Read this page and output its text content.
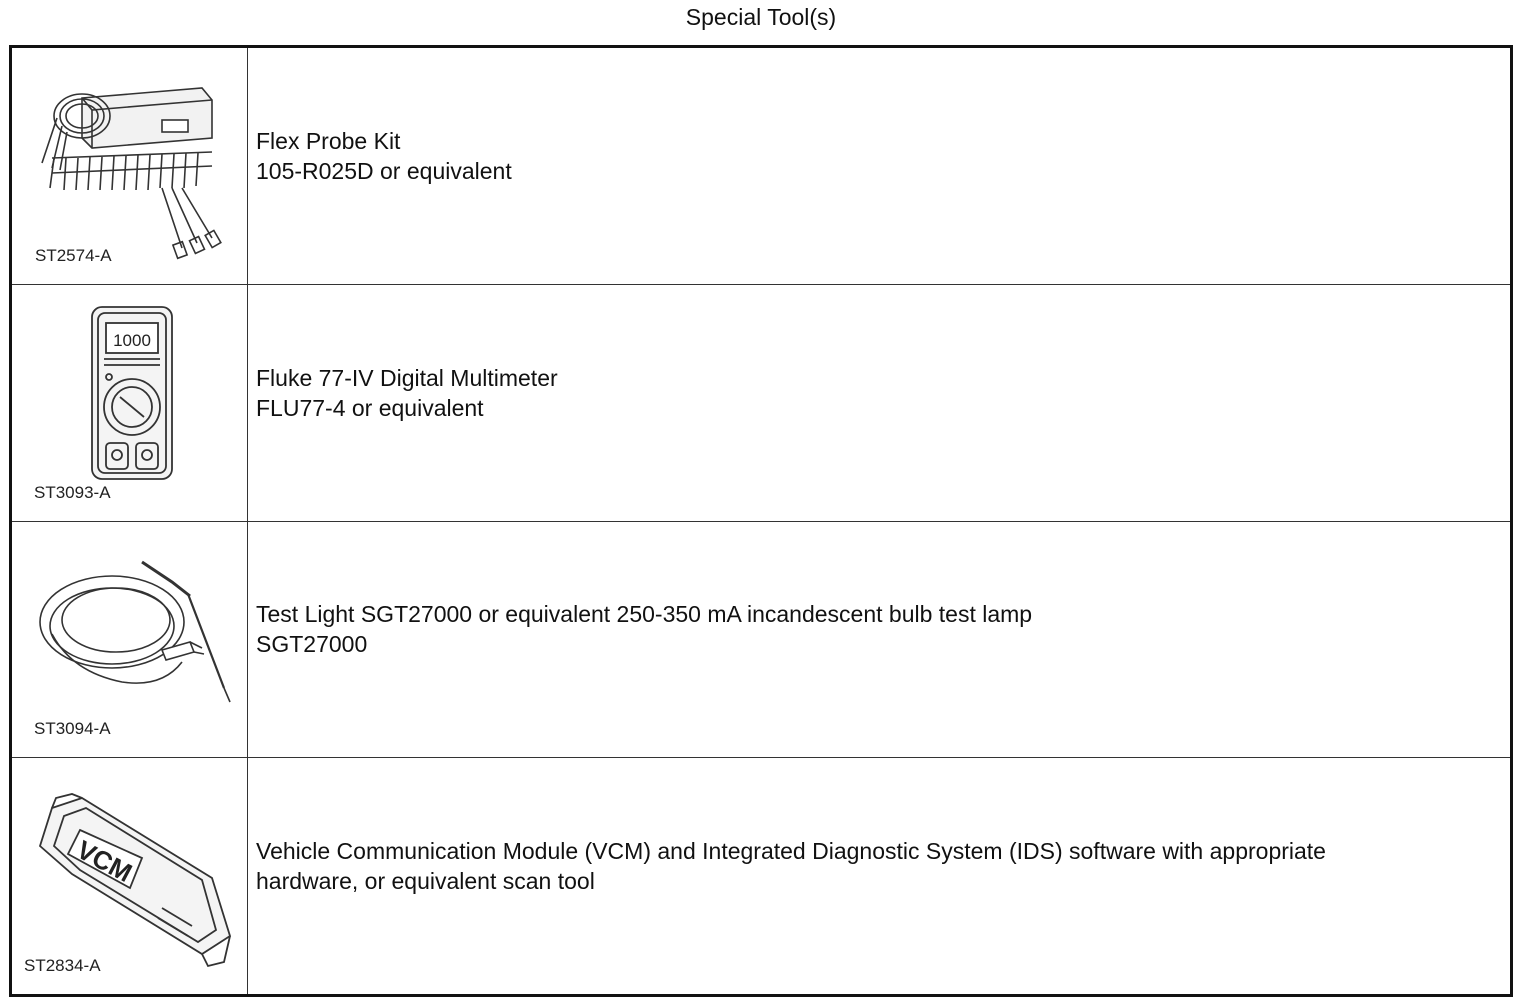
Special Tool(s)
ST2574-A
Flex Probe Kit
105-R025D or equivalent
1000
ST3093-A
Fluke 77-IV Digital Multimeter
FLU77-4 or equivalent
ST3094-A
Test Light SGT27000 or equivalent 250-350 mA incandescent bulb test lamp
SGT27000
VCM
ST2834-A
Vehicle Communication Module (VCM) and Integrated Diagnostic System (IDS) software with appropriate
hardware, or equivalent scan tool
